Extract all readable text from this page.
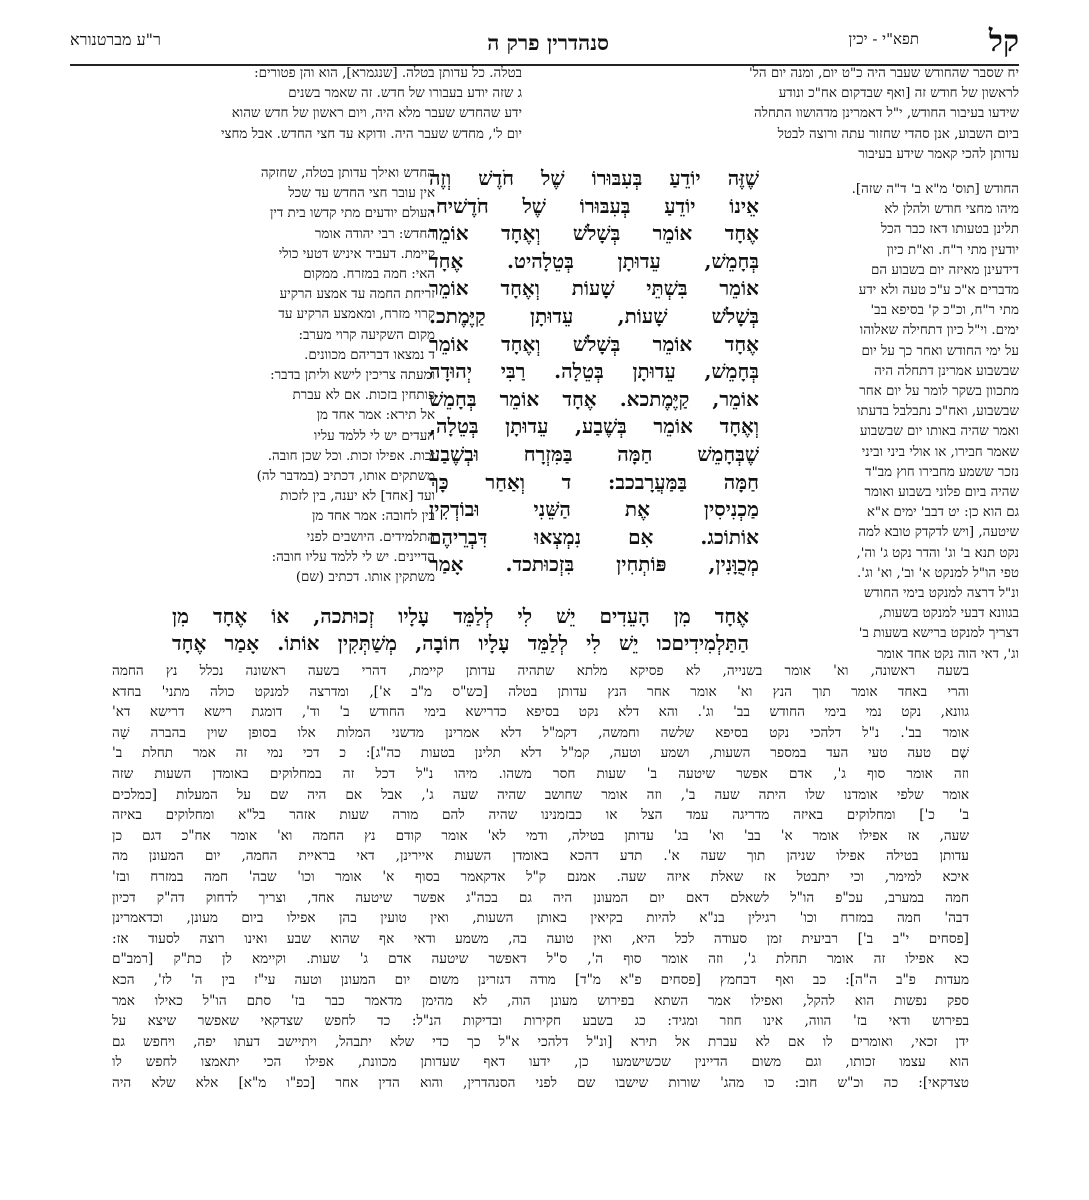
קל
תפא"י - יכין
סנהדרין פרק ה
ר"ע מברטנורא

יח שסבר שהחודש שעבר היה כ"ט יום, ומנה יום הל'

לראשון של חודש זה [ואף שבדקום אח"כ ונודע

שידעו בעיבור החודש, י"ל דאמרינן מדהושוו התחלה

ביום השבוע, אנן סהדי שחזור עתה ורוצה לבטל

עדותן להכי קאמר שידע בעיבור

החודש [תוס' מ"א ב' ד"ה שזה].

מיהו מחצי חודש ולהלן לא

תלינן בטעותו דאז כבר הכל

יודעין מתי ר"ח. וא"ת כיון

דידעינן מאיזה יום בשבוע הם

מדברים א"כ ע"כ טעה ולא ידע

מתי ר"ח, וכ"כ ק' בסיפא בב'

ימים. וי"ל כיון דתחילה שאלוהו

על ימי החודש ואחר כך על יום

שבשבוע אמרינן דתחלה היה

מתכוון בשקר לומר על יום אחר

שבשבוע, ואח"כ נתבלבל בדעתו

ואמר שהיה באותו יום שבשבוע

שאמר חבירו, או אולי ביני וביני

נזכר ששמע מחבירו חוץ מב"ד

שהיה ביום פלוני בשבוע ואומר

גם הוא כן: יט דבב' ימים א"א

שיטעה, [ויש לדקדק טובא למה

נקט תנא ב' וג' והדר נקט ג' וה',

טפי הו"ל למנקט א' וב', וא' וג'.

ונ"ל דרצה למנקט בימי החודש

בגוונא דבעי למנקט בשעות,

דצריך למנקט ברישא בשעות ב'

וג', דאי הוה נקט אחד אומר

בטלה. כל עדותן בטלה. [שנגמרא], הוא והן פטורים:

ג שזה יודע בעבורו של חדש. זה שאמר בשנים

ידע שהחדש שעבר מלא היה, ויום ראשון של חדש שהוא

יום ל', מחדש שעבר היה. ודוקא עד חצי החדש. אבל מחצי

החדש ואילך עדותן בטלה, שחזקה

אין עובר חצי החדש עד שכל

העולם יודעים מתי קדשו בית דין

החדש: רבי יהודה אומר

קיימת. דעביד איניש דטעי כולי

האי: חמה במזרח. ממקום

זריחת החמה עד אמצע הרקיע

קרוי מזרח, ומאמצע הרקיע עד

מקום השקיעה קרוי מערב:

ד נמצאו דבריהם מכוונים.

ומעתה צריכין לישא וליתן בדבר:

פותחין בזכות. אם לא עברת

אל תירא: אמר אחד מן

העדים יש לי ללמד עליו

זכות. אפילו זכות. וכל שכן חובה.

משתקים אותו, דכתיב (במדבר לה)

ועד [אחד] לא יענה, בין לזכות

בין לחובה: אמר אחד מן

התלמידים. היושבים לפני

הדיינים. יש לי ללמד עליו חובה:

משתקין אותו. דכתיב (שם)

שֶׁזֶּה יוֹדֵעַ בְּעִבּוּרוֹ שֶׁל חֹדֶשׁ וְזֶה

אֵינוֹ יוֹדֵעַ בְּעִבּוּרוֹ שֶׁל חֹדֶשׁיח.

אֶחָד אוֹמֵר בְּשָׁלֹשׁ וְאֶחָד אוֹמֵר

בְּחָמֵשׁ, עֵדוּתָן בְּטֵלָהיט. אֶחָד

אוֹמֵר בִּשְׁתֵּי שָׁעוֹת וְאֶחָד אוֹמֵר

בְּשָׁלֹשׁ שָׁעוֹת, עֵדוּתָן קַיֶּמֶתכ.

אֶחָד אוֹמֵר בְּשָׁלֹשׁ וְאֶחָד אוֹמֵר

בְּחָמֵשׁ, עֵדוּתָן בְּטֵלָה. רַבִּי יְהוּדָה

אוֹמֵר, קַיֶּמֶתכא. אֶחָד אוֹמֵר בְּחָמֵשׁ

וְאֶחָד אוֹמֵר בְּשֶׁבַע, עֵדוּתָן בְּטֵלָה,

שֶׁבְּחָמֵשׁ חַמָּה בַּמִּזְרָח וּבְשֶׁבַע

חַמָּה בַּמַּעֲרָבכב: ד וְאַחַר כָּךְ

מַכְנִיסִין אֶת הַשֵּׁנִי וּבוֹדְקִין

אוֹתוֹכג. אִם נִמְצְאוּ דִּבְרֵיהֶם

מְכֻוָּנִין, פּוֹתְחִין בִּזְכוּתכד. אָמַר

אֶחָד מִן הָעֵדִים יֵשׁ לִי לְלַמֵּד עָלָיו זְכוּתכה, אוֹ אֶחָד מִן

הַתַּלְמִידִיםכו יֵשׁ לִי לְלַמֵּד עָלָיו חוֹבָה, מְשַׁתְּקִין אוֹתוֹ. אָמַר אֶחָד

בשעה ראשונה, וא' אומר בשנייה, לא פסיקא מלתא שתהיה עדותן קיימת, דהרי בשעה ראשונה נכלל נץ החמה

והרי באחד אומר תוך הנץ וא' אומר אחר הנץ עדותן בטלה [כש"ס מ"ב א'], ומדרצה למנקט כולה מתני' בחדא

גוונא, נקט נמי בימי החודש בב' וג'. והא דלא נקט בסיפא כדרישא בימי החודש ב' וד', דומגת רישא דרישא דא'

אומר בב'. נ"ל דלהכי נקט בסיפא שלשה וחמשה, דקמ"ל דלא אמרינן מדשני המלות אלו בסופן שוין בהברה שָׁה

שֶׁם טעה טעי העד במספר השעות, ושמע וטעה, קמ"ל דלא תלינן בטעות כה"ג]: כ דכי נמי זה אמר תחלת ב'

וזה אומר סוף ג', אדם אפשר שיטעה ב' שעות חסר משהו. מיהו נ"ל דכל זה במחלוקים באומדן השעות שזה

אומר שלפי אומדנו שלו היתה שעה ב', וזה אומר שחושב שהיה שעה ג', אבל אם היה שם על המעלות [כמלכים

ב' כ'] ומחלוקים באיזה מדריגה עמד הצל או כבזמנינו שהיה להם מורה שעות אזהר בל"א ומחלוקים באיזה

שעה, אז אפילו אומר א' בב' וא' בג' עדותן בטילה, ודמי לא' אומר קודם נץ החמה וא' אומר אח"כ דגם כן

עדותן בטילה אפילו שניהן תוך שעה א'. תדע דהכא באומדן השעות איירינן, דאי בראיית החמה, יום המעונן מה

איכא למימר, וכי יתבטל אז שאלת איזה שעה. אמנם ק"ל אדקאמר בסוף א' אומר וכו' שבה' חמה במזרח ובז'

חמה במערב, עכ"פ הו"ל לשאלם דאם יום המעונן היה גם בכה"ג אפשר שיטעה אחד, וצריך לדחוק דה"ק דכיון

דבה' חמה במזרח וכו' רגילין בנ"א להיות בקיאין באותן השעות, ואין טועין בהן אפילו ביום מעונן, וכדאמרינן

[פסחים י"ב ב'] רביעית זמן סעודה לכל היא, ואין טועה בה, משמע ודאי אף שהוא שבע ואינו רוצה לסעוד אז:

כא אפילו זה אומר תחלת ג', וזה אומר סוף ה', ס"ל דאפשר שיטעה אדם ג' שעות. וקיימא לן כת"ק [רמב"ם

מעדות פ"ב ה"ה]: כב ואף דבחמץ [פסחים פ"א מ"ד] מודה דגזרינן משום יום המעונן וטעה עי"ז בין ה' לז', הכא

ספק נפשות הוא להקל, ואפילו אמר השתא בפירוש מעונן הוה, לא מהימן מדאמר כבר בז' סתם הו"ל כאילו אמר

בפירוש ודאי בז' הווה, אינו חוזר ומגיד: כג בשבע חקירות ובדיקות הנ"ל: כד לחפש שצדקאי שאפשר שיצא על

ידן זכאי, ואומרים לו אם לא עברת אל תירא [ונ"ל דלהכי א"ל כך כדי שלא יתבהל, ויתיישב דעתו יפה, ויחפש גם

הוא עצמו זכותו, וגם משום הדיינין שכשישמעו כן, ידעו דאף שעדותן מכוונת, אפילו הכי יתאמצו לחפש לו

טצדקאי]: כה וכ"ש חוב: כו מהג' שורות שישבו שם לפני הסנהדרין, והוא הדין אחר [כפ"ו מ"א] אלא שלא היה
